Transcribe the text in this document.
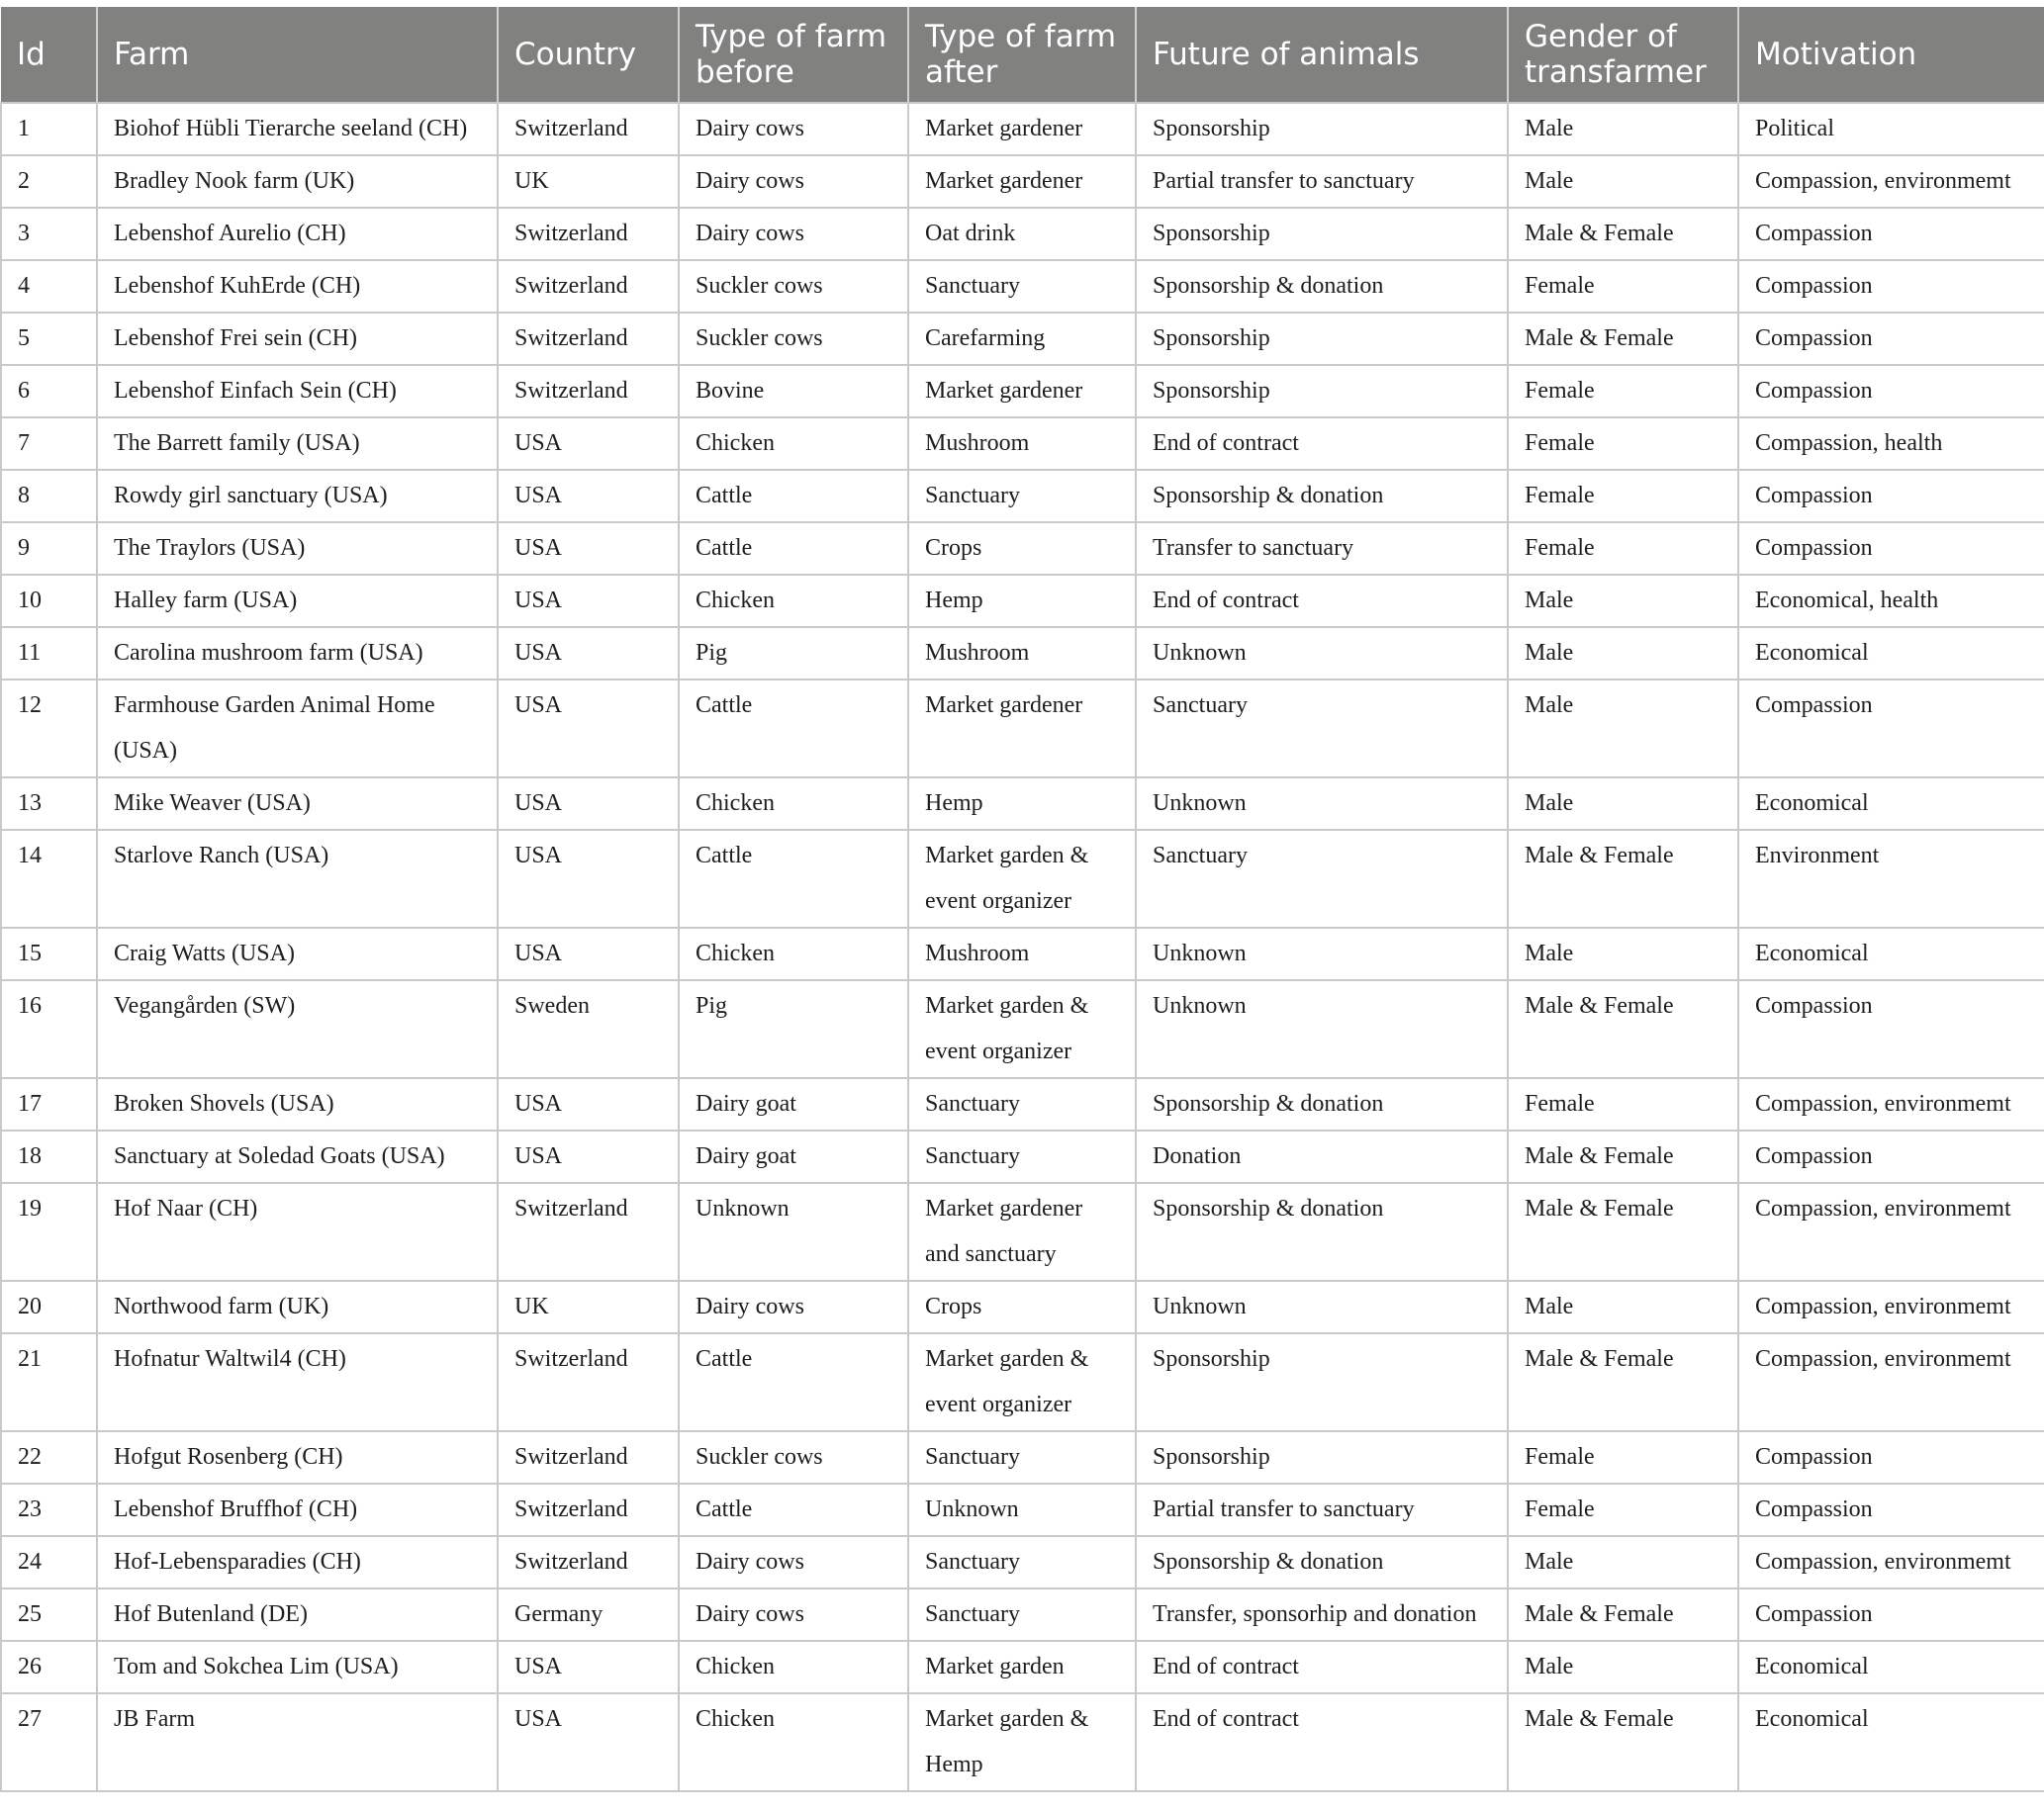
Id	Farm	Country	Type of farm before	Type of farm after	Future of animals	Gender of transfarmer	Motivation
1	Biohof Hübli Tierarche seeland (CH)	Switzerland	Dairy cows	Market gardener	Sponsorship	Male	Political
2	Bradley Nook farm (UK)	UK	Dairy cows	Market gardener	Partial transfer to sanctuary	Male	Compassion, environmemt
3	Lebenshof Aurelio (CH)	Switzerland	Dairy cows	Oat drink	Sponsorship	Male & Female	Compassion
4	Lebenshof KuhErde (CH)	Switzerland	Suckler cows	Sanctuary	Sponsorship & donation	Female	Compassion
5	Lebenshof Frei sein (CH)	Switzerland	Suckler cows	Carefarming	Sponsorship	Male & Female	Compassion
6	Lebenshof Einfach Sein (CH)	Switzerland	Bovine	Market gardener	Sponsorship	Female	Compassion
7	The Barrett family (USA)	USA	Chicken	Mushroom	End of contract	Female	Compassion, health
8	Rowdy girl sanctuary (USA)	USA	Cattle	Sanctuary	Sponsorship & donation	Female	Compassion
9	The Traylors (USA)	USA	Cattle	Crops	Transfer to sanctuary	Female	Compassion
10	Halley farm (USA)	USA	Chicken	Hemp	End of contract	Male	Economical, health
11	Carolina mushroom farm (USA)	USA	Pig	Mushroom	Unknown	Male	Economical
12	Farmhouse Garden Animal Home (USA)	USA	Cattle	Market gardener	Sanctuary	Male	Compassion
13	Mike Weaver (USA)	USA	Chicken	Hemp	Unknown	Male	Economical
14	Starlove Ranch (USA)	USA	Cattle	Market garden & event organizer	Sanctuary	Male & Female	Environment
15	Craig Watts (USA)	USA	Chicken	Mushroom	Unknown	Male	Economical
16	Vegangården (SW)	Sweden	Pig	Market garden & event organizer	Unknown	Male & Female	Compassion
17	Broken Shovels (USA)	USA	Dairy goat	Sanctuary	Sponsorship & donation	Female	Compassion, environmemt
18	Sanctuary at Soledad Goats (USA)	USA	Dairy goat	Sanctuary	Donation	Male & Female	Compassion
19	Hof Naar (CH)	Switzerland	Unknown	Market gardener and sanctuary	Sponsorship & donation	Male & Female	Compassion, environmemt
20	Northwood farm (UK)	UK	Dairy cows	Crops	Unknown	Male	Compassion, environmemt
21	Hofnatur Waltwil4 (CH)	Switzerland	Cattle	Market garden & event organizer	Sponsorship	Male & Female	Compassion, environmemt
22	Hofgut Rosenberg (CH)	Switzerland	Suckler cows	Sanctuary	Sponsorship	Female	Compassion
23	Lebenshof Bruffhof (CH)	Switzerland	Cattle	Unknown	Partial transfer to sanctuary	Female	Compassion
24	Hof-Lebensparadies (CH)	Switzerland	Dairy cows	Sanctuary	Sponsorship & donation	Male	Compassion, environmemt
25	Hof Butenland (DE)	Germany	Dairy cows	Sanctuary	Transfer, sponsorhip and donation	Male & Female	Compassion
26	Tom and Sokchea Lim (USA)	USA	Chicken	Market garden	End of contract	Male	Economical
27	JB Farm	USA	Chicken	Market garden & Hemp	End of contract	Male & Female	Economical
